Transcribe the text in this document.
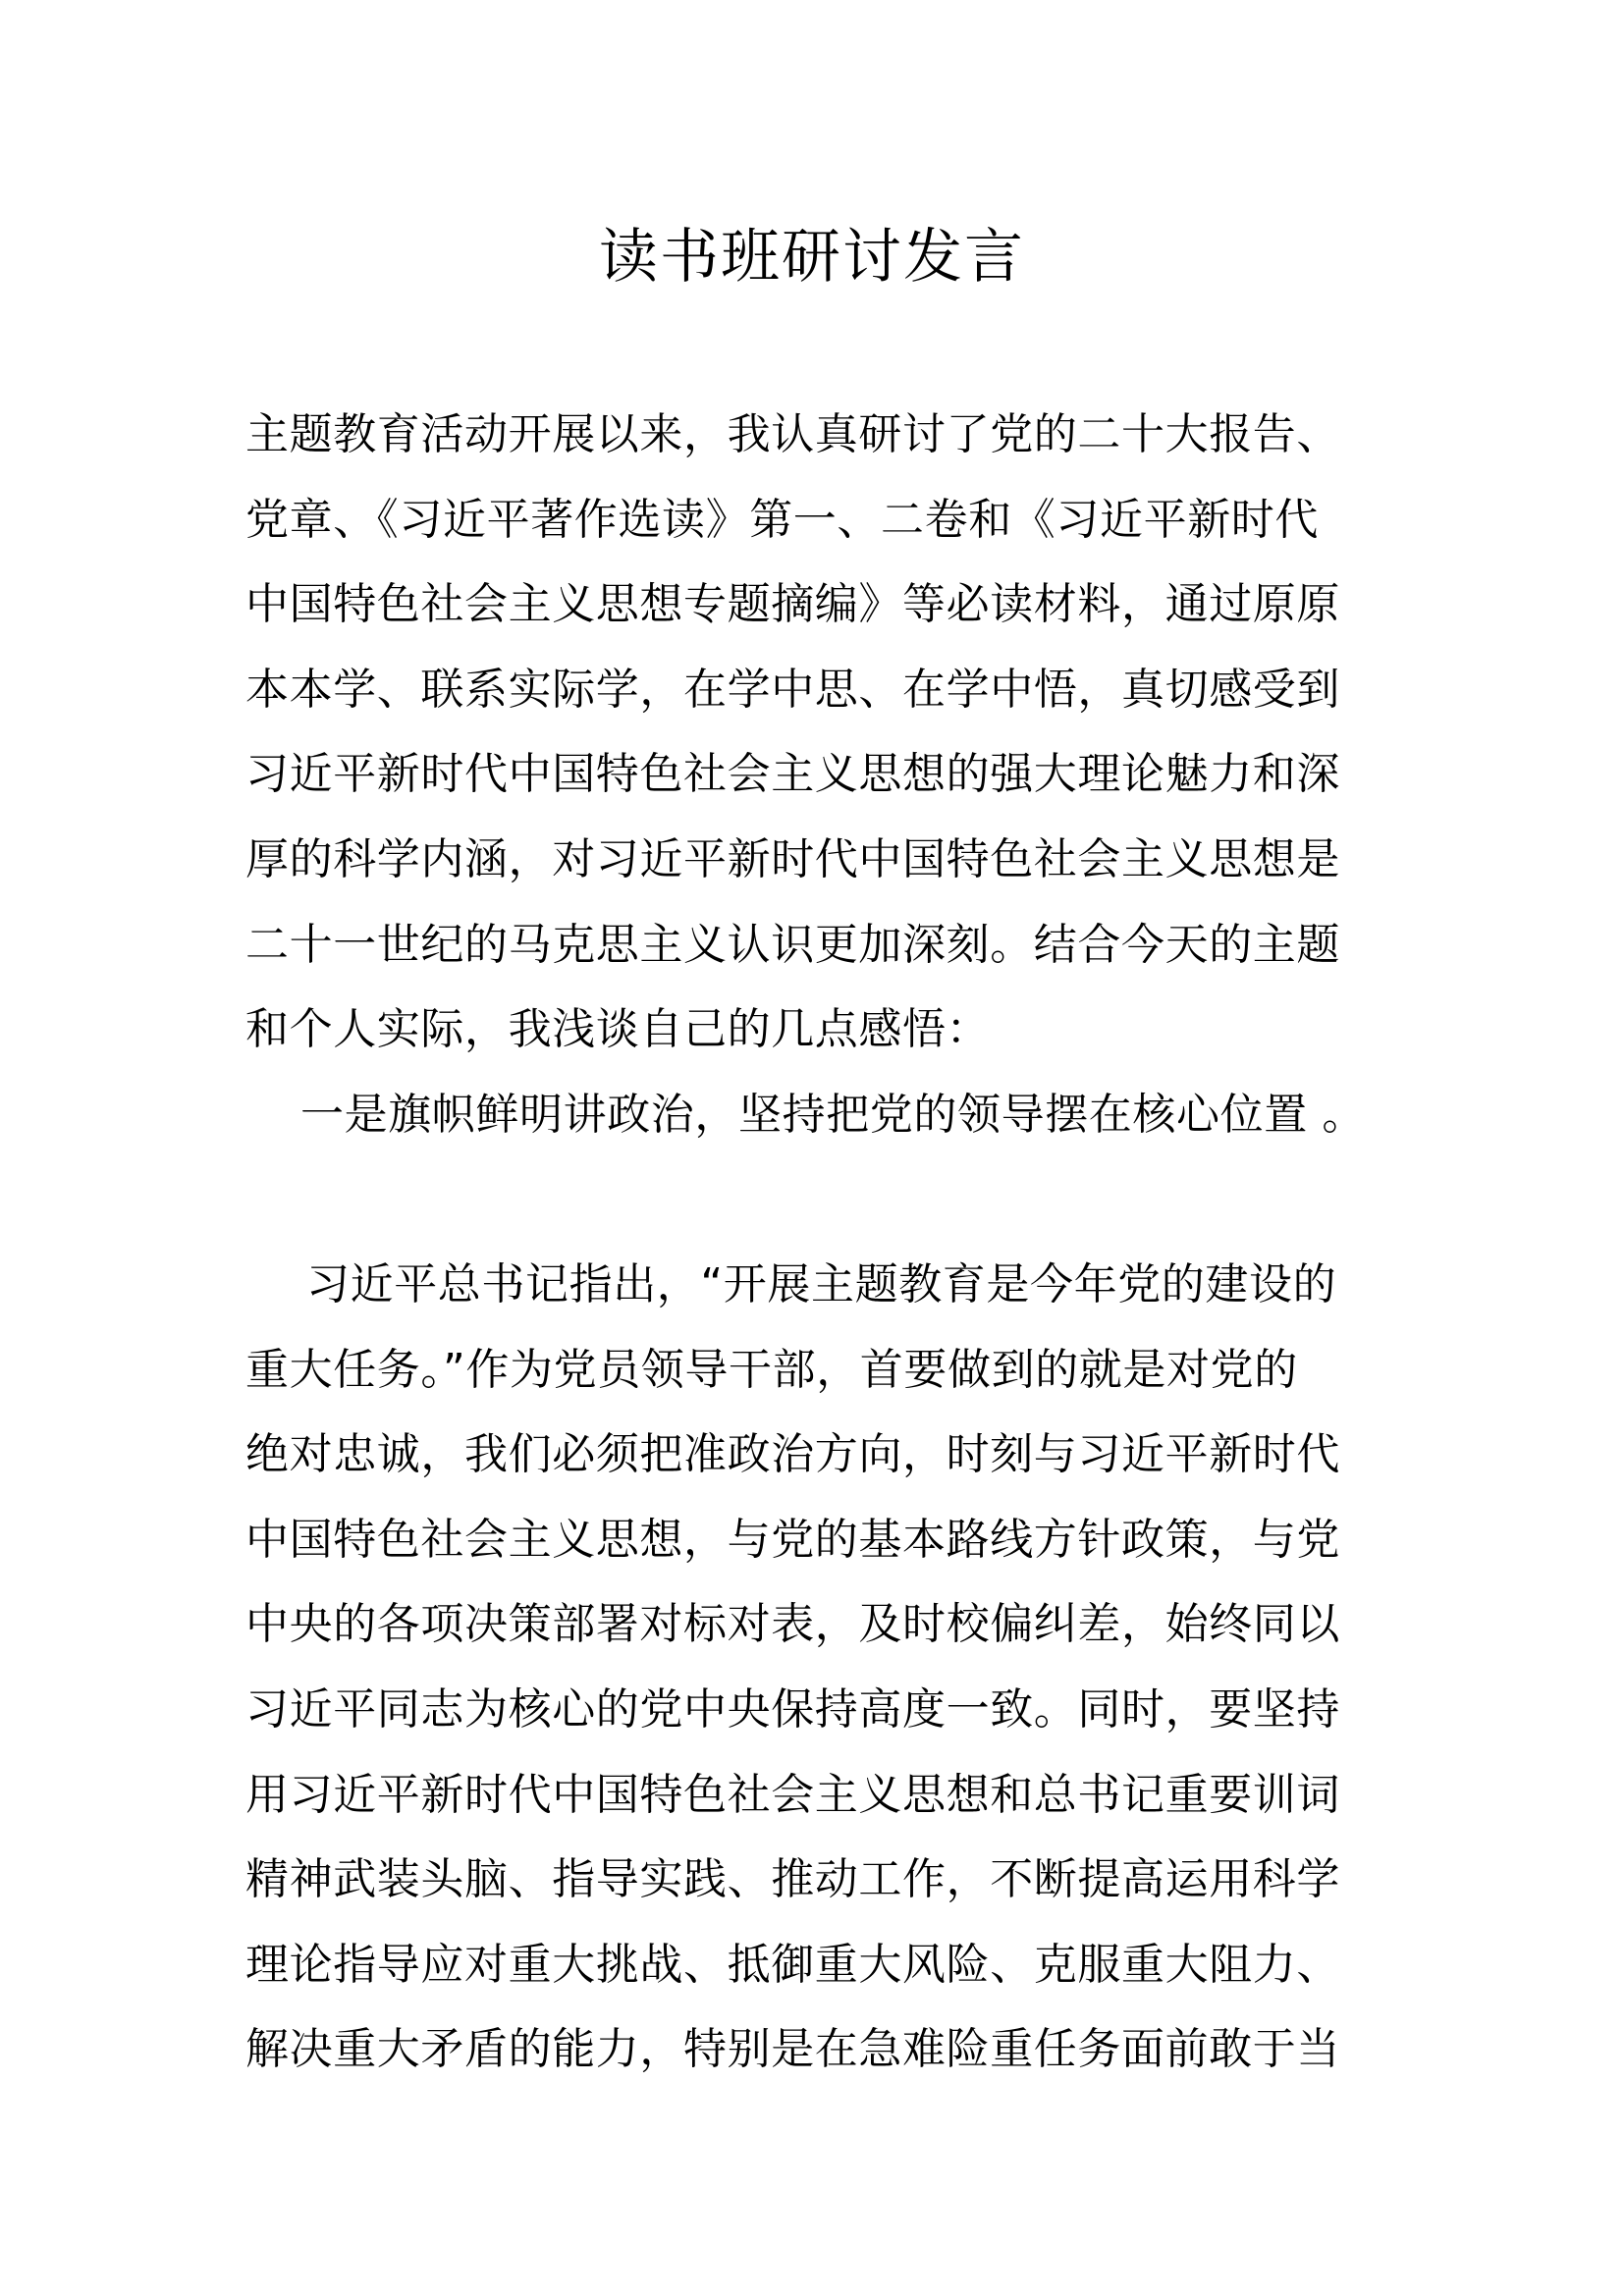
读书班研讨发言
主题教育活动开展以来，我认真研讨了党的二十大报告、
党章、《习近平著作选读》第一、二卷和《习近平新时代
中国特色社会主义思想专题摘编》等必读材料，通过原原
本本学、联系实际学，在学中思、在学中悟，真切感受到
习近平新时代中国特色社会主义思想的强大理论魅力和深
厚的科学内涵，对习近平新时代中国特色社会主义思想是
二十一世纪的马克思主义认识更加深刻。结合今天的主题
和个人实际，我浅谈自己的几点感悟：
一是旗帜鲜明讲政治，坚持把党的领导摆在核心位置 。
习近平总书记指出，“开展主题教育是今年党的建设的
重大任务。”作为党员领导干部，首要做到的就是对党的
绝对忠诚，我们必须把准政治方向，时刻与习近平新时代
中国特色社会主义思想，与党的基本路线方针政策，与党
中央的各项决策部署对标对表，及时校偏纠差，始终同以
习近平同志为核心的党中央保持高度一致。同时，要坚持
用习近平新时代中国特色社会主义思想和总书记重要训词
精神武装头脑、指导实践、推动工作，不断提高运用科学
理论指导应对重大挑战、抵御重大风险、克服重大阻力、
解决重大矛盾的能力，特别是在急难险重任务面前敢于当
